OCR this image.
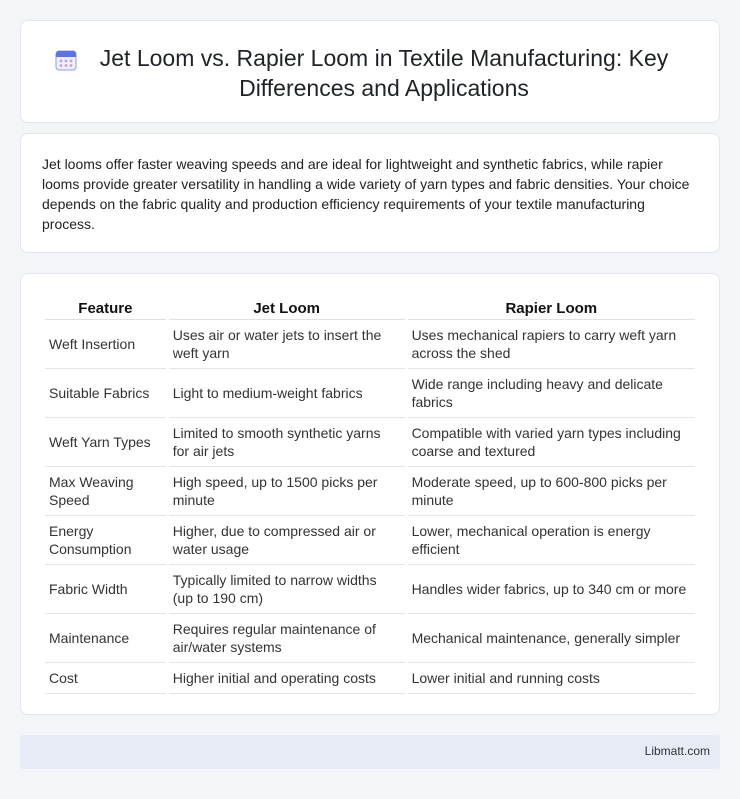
Jet Loom vs. Rapier Loom in Textile Manufacturing: Key Differences and Applications

Jet looms offer faster weaving speeds and are ideal for lightweight and synthetic fabrics, while rapier looms provide greater versatility in handling a wide variety of yarn types and fabric densities. Your choice depends on the fabric quality and production efficiency requirements of your textile manufacturing process.

Feature	Jet Loom	Rapier Loom
Weft Insertion	Uses air or water jets to insert the weft yarn	Uses mechanical rapiers to carry weft yarn across the shed
Suitable Fabrics	Light to medium-weight fabrics	Wide range including heavy and delicate fabrics
Weft Yarn Types	Limited to smooth synthetic yarns for air jets	Compatible with varied yarn types including coarse and textured
Max Weaving Speed	High speed, up to 1500 picks per minute	Moderate speed, up to 600-800 picks per minute
Energy Consumption	Higher, due to compressed air or water usage	Lower, mechanical operation is energy efficient
Fabric Width	Typically limited to narrow widths (up to 190 cm)	Handles wider fabrics, up to 340 cm or more
Maintenance	Requires regular maintenance of air/water systems	Mechanical maintenance, generally simpler
Cost	Higher initial and operating costs	Lower initial and running costs
Libmatt.com
